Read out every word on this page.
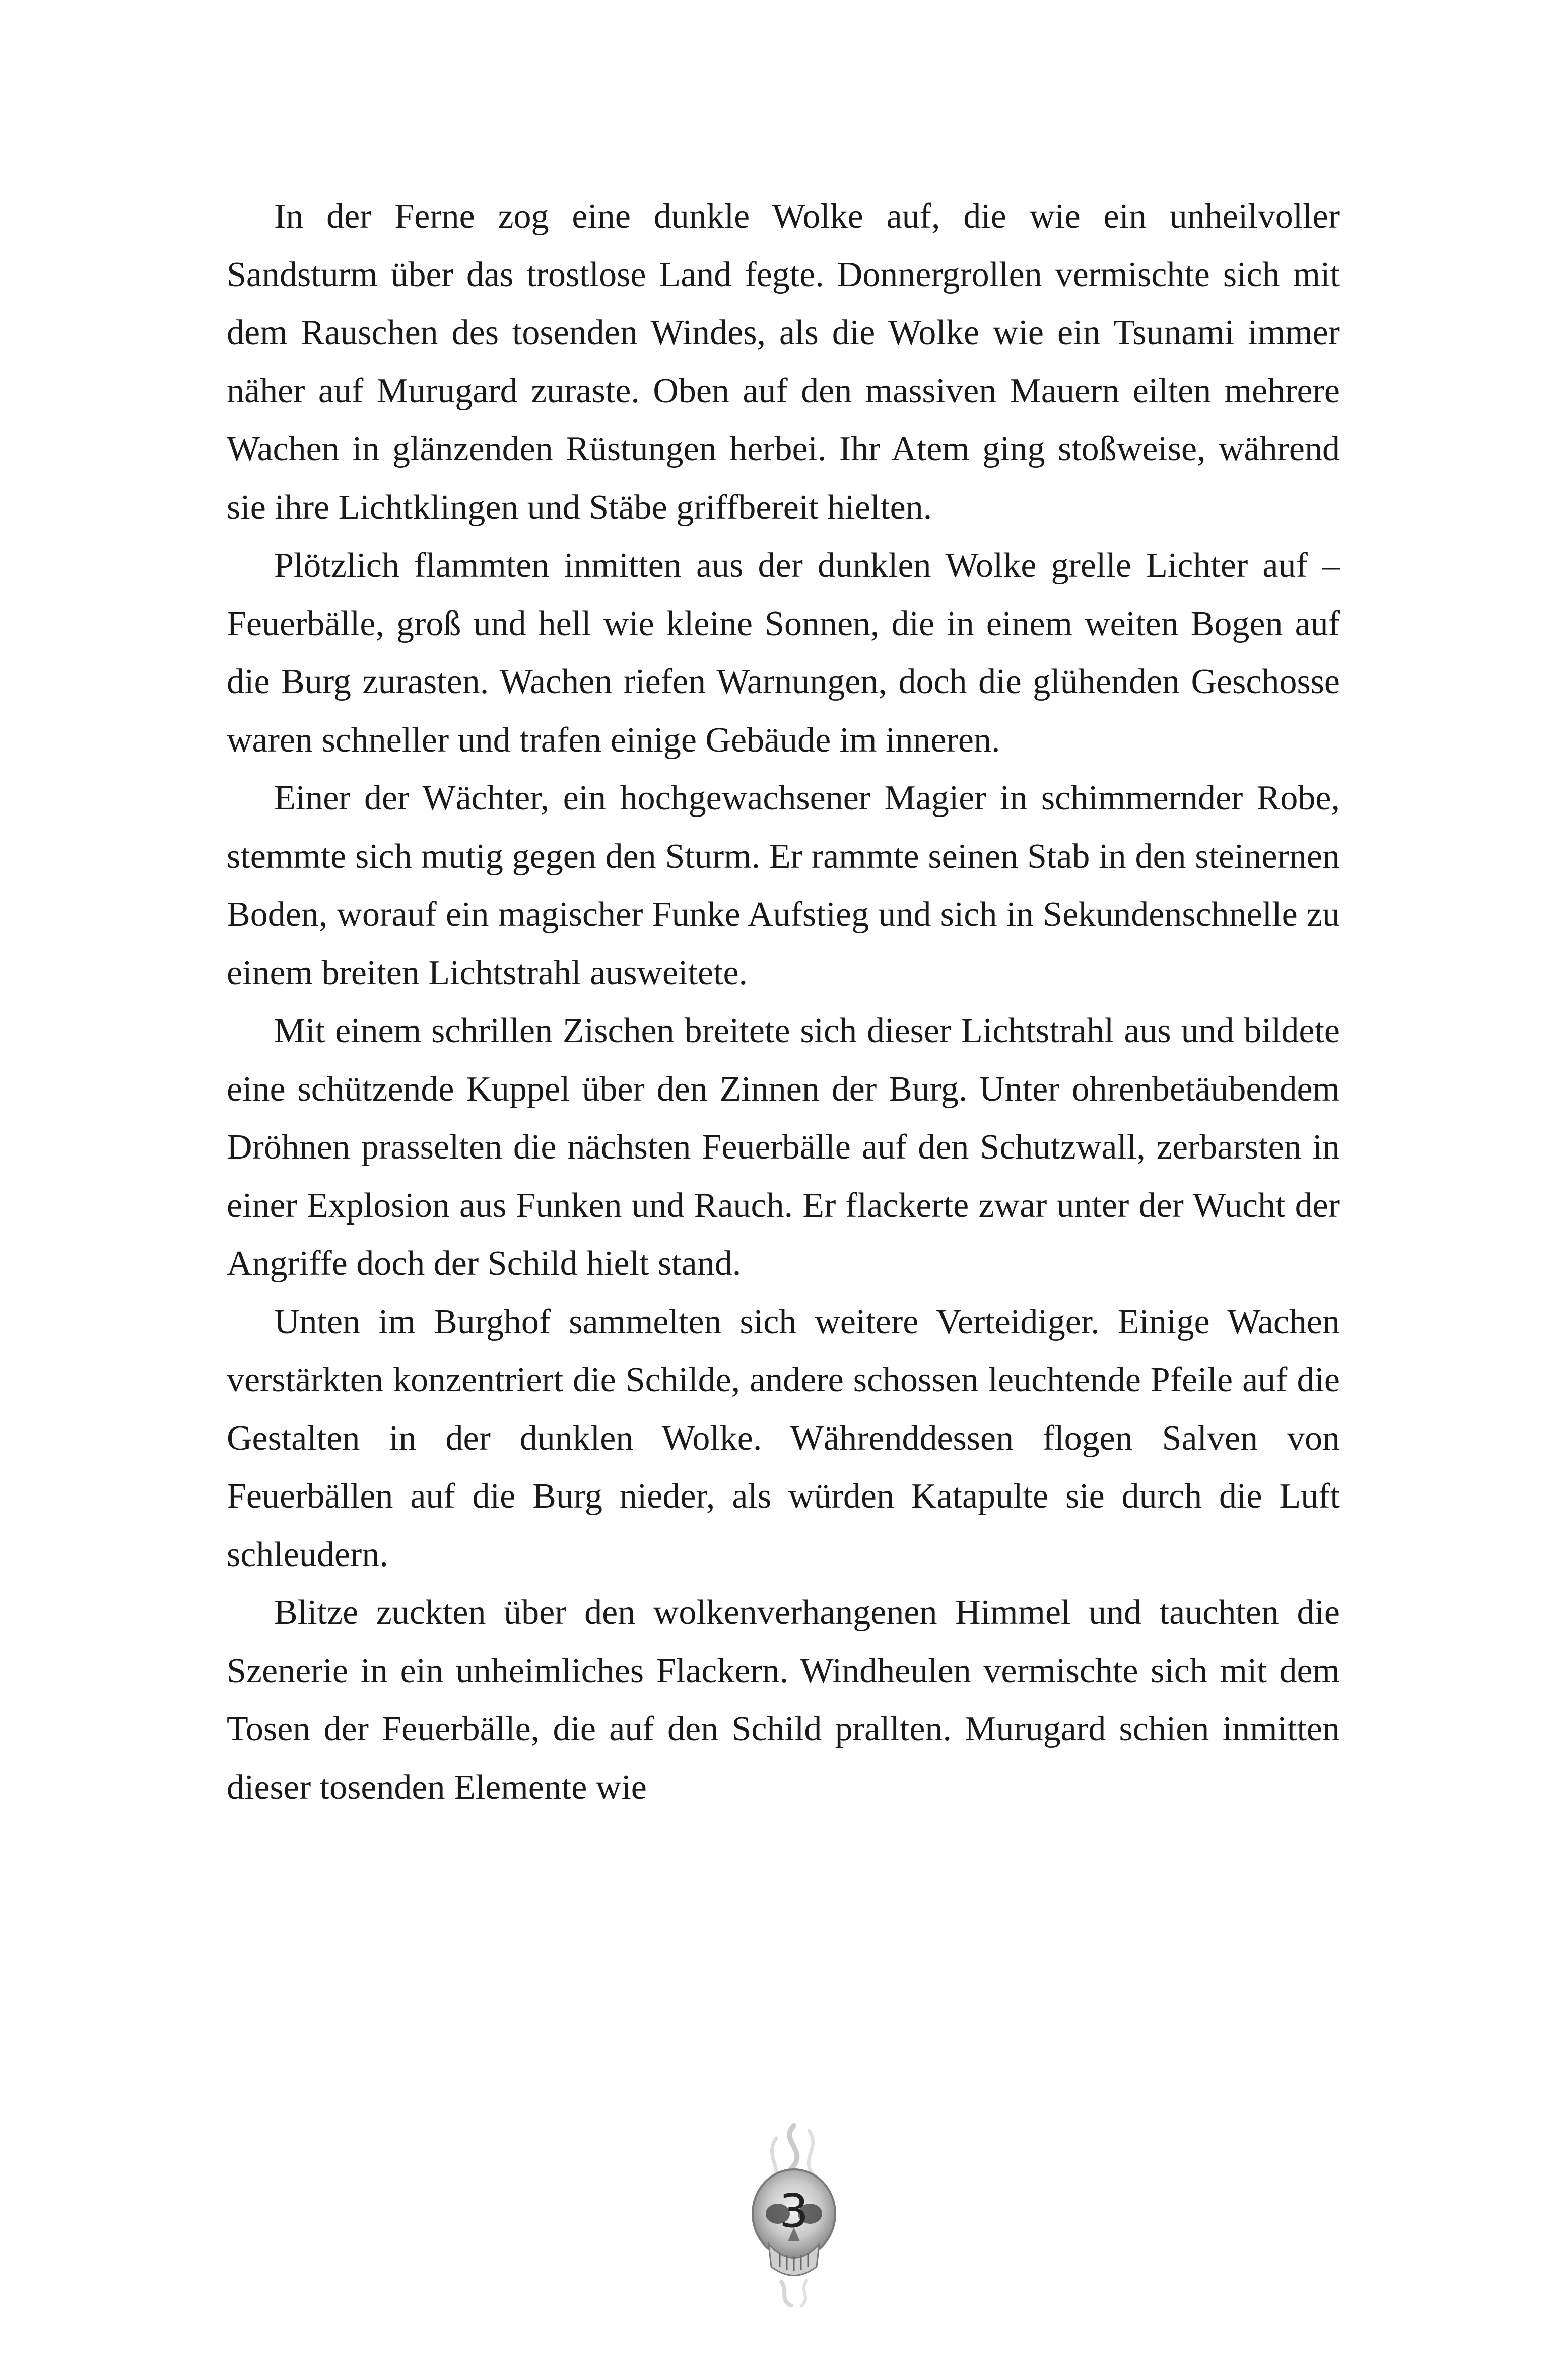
In der Ferne zog eine dunkle Wolke auf, die wie ein unheilvoller Sandsturm über das trostlose Land fegte. Donnergrollen vermischte sich mit dem Rauschen des tosenden Windes, als die Wolke wie ein Tsunami immer näher auf Murugard zuraste. Oben auf den massiven Mauern eilten mehrere Wachen in glänzenden Rüstungen herbei. Ihr Atem ging stoßweise, während sie ihre Lichtklingen und Stäbe griffbereit hielten.

Plötzlich flammten inmitten aus der dunklen Wolke grelle Lichter auf – Feuerbälle, groß und hell wie kleine Sonnen, die in einem weiten Bogen auf die Burg zurasten. Wachen riefen Warnungen, doch die glühenden Geschosse waren schneller und trafen einige Gebäude im inneren.

Einer der Wächter, ein hochgewachsener Magier in schimmernder Robe, stemmte sich mutig gegen den Sturm. Er rammte seinen Stab in den steinernen Boden, worauf ein magischer Funke Aufstieg und sich in Sekundenschnelle zu einem breiten Lichtstrahl ausweitete.

Mit einem schrillen Zischen breitete sich dieser Lichtstrahl aus und bildete eine schützende Kuppel über den Zinnen der Burg. Unter ohrenbetäubendem Dröhnen prasselten die nächsten Feuerbälle auf den Schutzwall, zerbarsten in einer Explosion aus Funken und Rauch. Er flackerte zwar unter der Wucht der Angriffe doch der Schild hielt stand.

Unten im Burghof sammelten sich weitere Verteidiger. Einige Wachen verstärkten konzentriert die Schilde, andere schossen leuchtende Pfeile auf die Gestalten in der dunklen Wolke. Währenddessen flogen Salven von Feuerbällen auf die Burg nieder, als würden Katapulte sie durch die Luft schleudern.

Blitze zuckten über den wolkenverhangenen Himmel und tauchten die Szenerie in ein unheimliches Flackern. Windheulen vermischte sich mit dem Tosen der Feuerbälle, die auf den Schild prallten. Murugard schien inmitten dieser tosenden Elemente wie

3
